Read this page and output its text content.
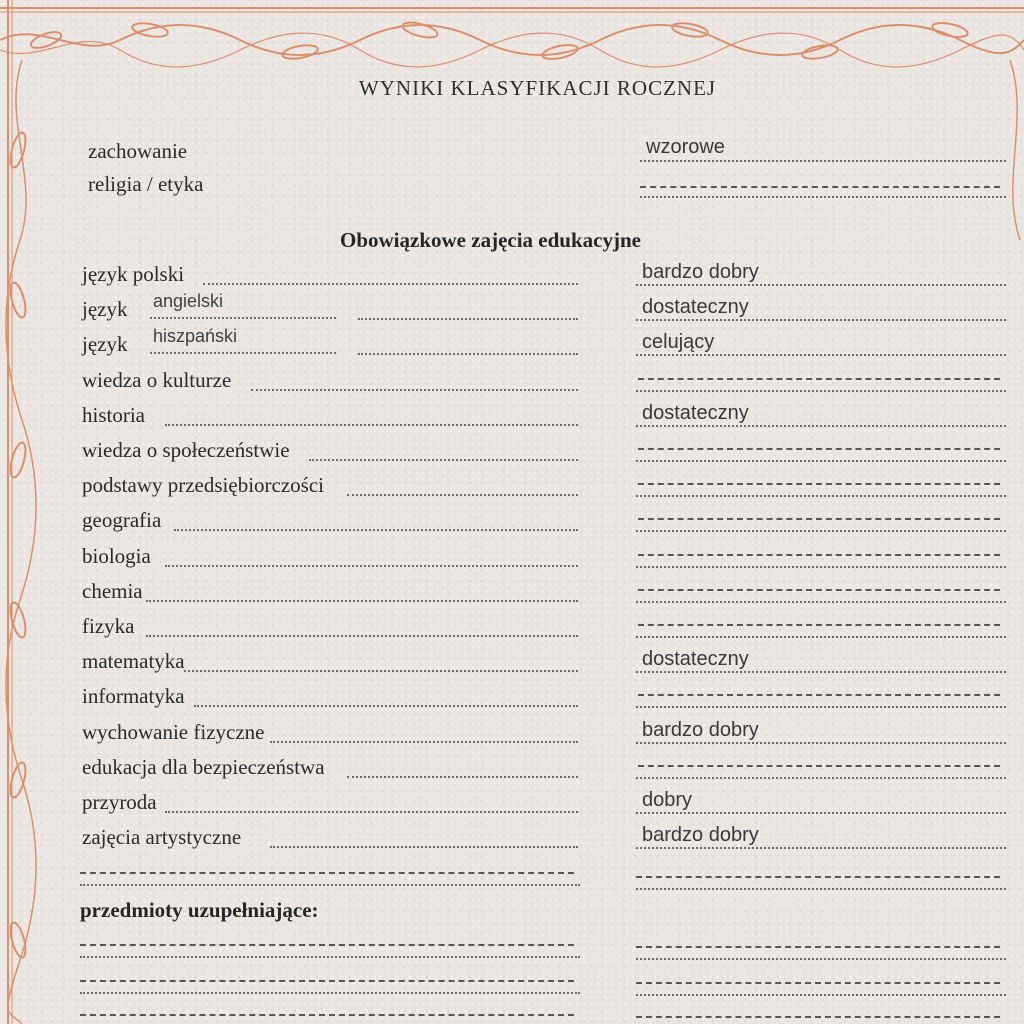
WYNIKI KLASYFIKACJI ROCZNEJ
zachowanie	wzorowe
religia / etyka
Obowiązkowe zajęcia edukacyjne
język polski	bardzo dobry
język angielski	dostateczny
język hiszpański	celujący
wiedza o kulturze
historia	dostateczny
wiedza o społeczeństwie
podstawy przedsiębiorczości
geografia
biologia
chemia
fizyka
matematyka	dostateczny
informatyka
wychowanie fizyczne	bardzo dobry
edukacja dla bezpieczeństwa
przyroda	dobry
zajęcia artystyczne	bardzo dobry
przedmioty uzupełniające:
